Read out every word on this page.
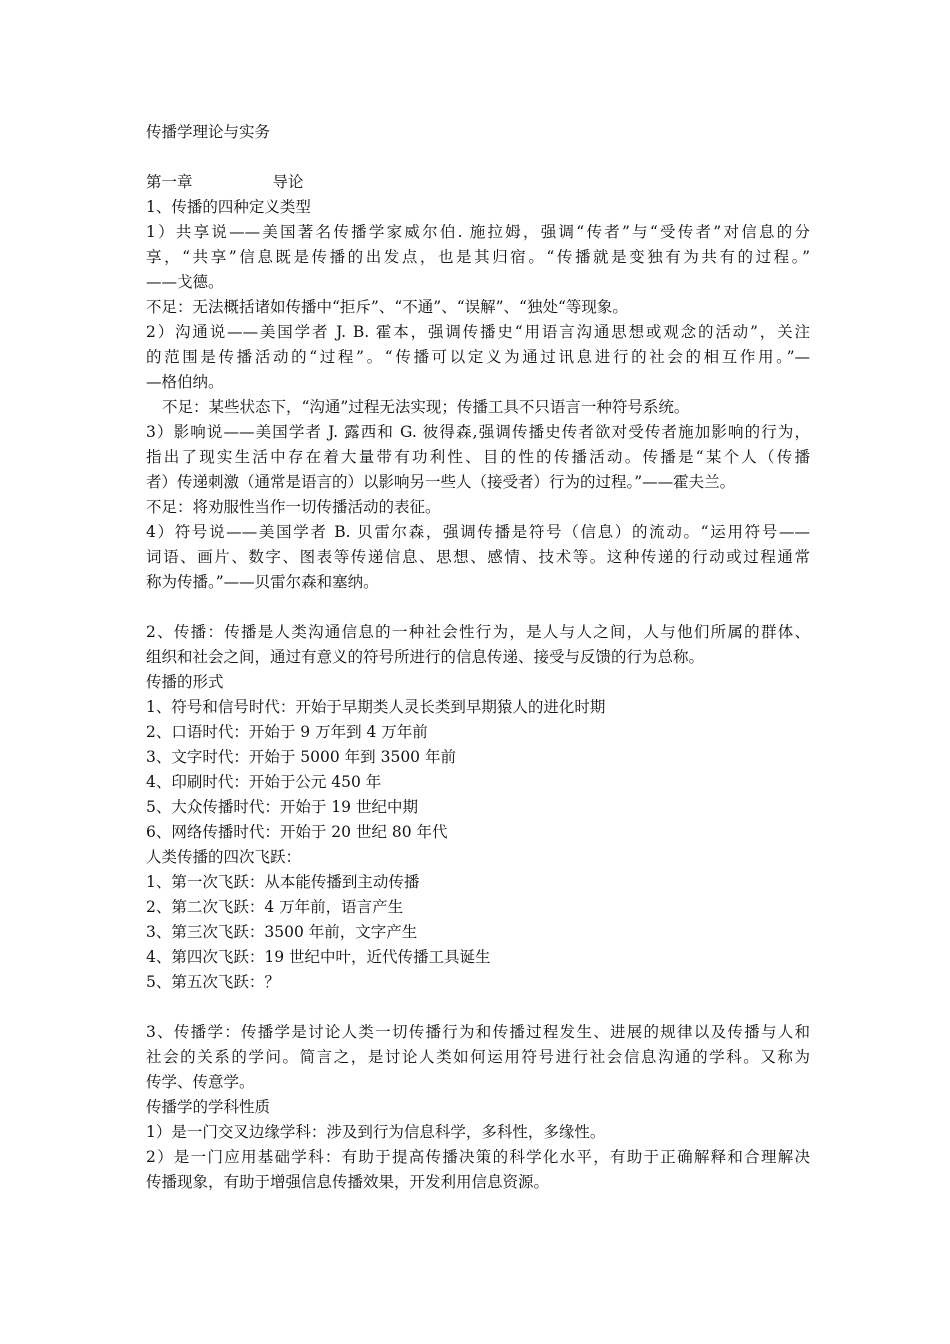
传播学理论与实务
第一章	导论
1、传播的四种定义类型
1）共享说——美国著名传播学家威尔伯. 施拉姆，强调“传者”与“受传者”对信息的分
享，“共享”信息既是传播的出发点，也是其归宿。“传播就是变独有为共有的过程。”
——戈德。
不足：无法概括诸如传播中“拒斥”、“不通”、“误解”、“独处“等现象。
2）沟通说——美国学者 J. B. 霍本，强调传播史“用语言沟通思想或观念的活动”，关注
的范围是传播活动的“过程”。“传播可以定义为通过讯息进行的社会的相互作用。”—
—格伯纳。
不足：某些状态下，“沟通”过程无法实现；传播工具不只语言一种符号系统。
3）影响说——美国学者 J. 露西和 G. 彼得森,强调传播史传者欲对受传者施加影响的行为，
指出了现实生活中存在着大量带有功利性、目的性的传播活动。传播是“某个人（传播
者）传递刺激（通常是语言的）以影响另一些人（接受者）行为的过程。”——霍夫兰。
不足：将劝服性当作一切传播活动的表征。
4）符号说——美国学者 B. 贝雷尔森，强调传播是符号（信息）的流动。“运用符号——
词语、画片、数字、图表等传递信息、思想、感情、技术等。这种传递的行动或过程通常
称为传播。”——贝雷尔森和塞纳。
2、传播：传播是人类沟通信息的一种社会性行为，是人与人之间，人与他们所属的群体、
组织和社会之间，通过有意义的符号所进行的信息传递、接受与反馈的行为总称。
传播的形式
1、符号和信号时代：开始于早期类人灵长类到早期猿人的进化时期
2、口语时代：开始于 9 万年到 4 万年前
3、文字时代：开始于 5000 年到 3500 年前
4、印刷时代：开始于公元 450 年
5、大众传播时代：开始于 19 世纪中期
6、网络传播时代：开始于 20 世纪 80 年代
人类传播的四次飞跃：
1、第一次飞跃：从本能传播到主动传播
2、第二次飞跃：4 万年前，语言产生
3、第三次飞跃：3500 年前，文字产生
4、第四次飞跃：19 世纪中叶，近代传播工具诞生
5、第五次飞跃：？
3、传播学：传播学是讨论人类一切传播行为和传播过程发生、进展的规律以及传播与人和
社会的关系的学问。简言之，是讨论人类如何运用符号进行社会信息沟通的学科。又称为
传学、传意学。
传播学的学科性质
1）是一门交叉边缘学科：涉及到行为信息科学，多科性，多缘性。
2）是一门应用基础学科：有助于提高传播决策的科学化水平，有助于正确解释和合理解决
传播现象，有助于增强信息传播效果，开发利用信息资源。
